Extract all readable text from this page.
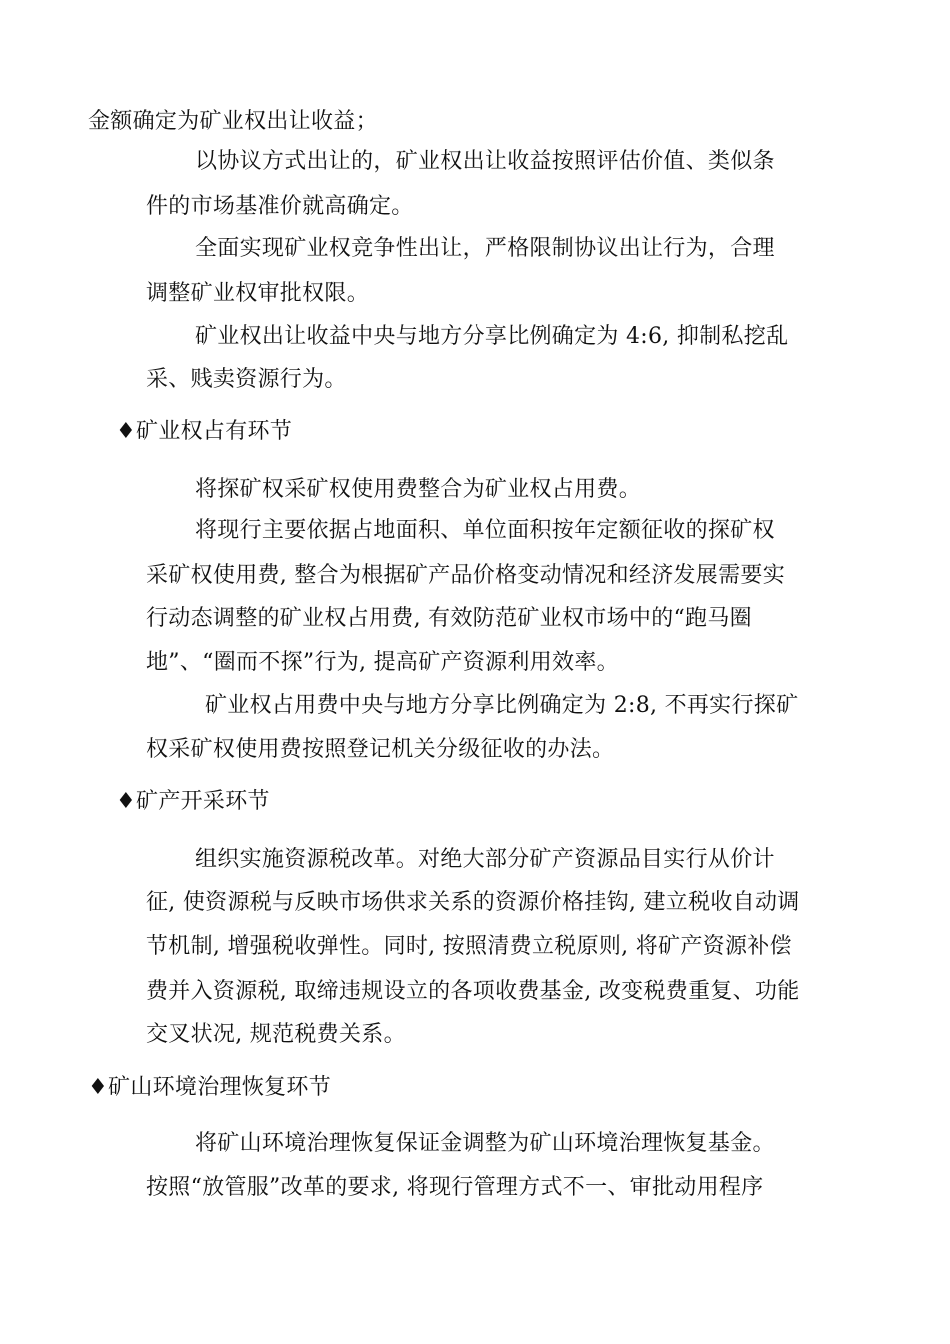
金额确定为矿业权出让收益；
以协议方式出让的，矿业权出让收益按照评估价值、类似条
件的市场基准价就高确定。
全面实现矿业权竞争性出让，严格限制协议出让行为，合理
调整矿业权审批权限。
矿业权出让收益中央与地方分享比例确定为 4:6, 抑制私挖乱
采、贱卖资源行为。
♦矿业权占有环节
将探矿权采矿权使用费整合为矿业权占用费。
将现行主要依据占地面积、单位面积按年定额征收的探矿权
采矿权使用费, 整合为根据矿产品价格变动情况和经济发展需要实
行动态调整的矿业权占用费, 有效防范矿业权市场中的“跑马圈
地”、“圈而不探”行为, 提高矿产资源利用效率。
矿业权占用费中央与地方分享比例确定为 2:8, 不再实行探矿
权采矿权使用费按照登记机关分级征收的办法。
♦矿产开采环节
组织实施资源税改革。对绝大部分矿产资源品目实行从价计
征, 使资源税与反映市场供求关系的资源价格挂钩, 建立税收自动调
节机制, 增强税收弹性。同时, 按照清费立税原则, 将矿产资源补偿
费并入资源税, 取缔违规设立的各项收费基金, 改变税费重复、功能
交叉状况, 规范税费关系。
♦矿山环境治理恢复环节
将矿山环境治理恢复保证金调整为矿山环境治理恢复基金。
按照“放管服”改革的要求, 将现行管理方式不一、审批动用程序
